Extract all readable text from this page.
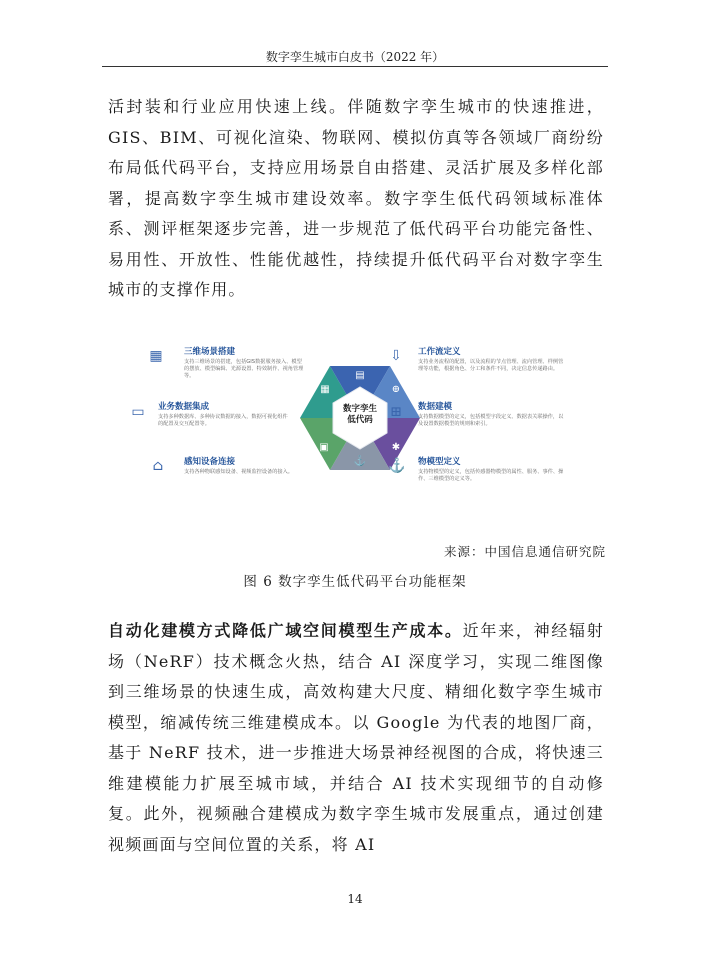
数字孪生城市白皮书（2022 年）
活封装和行业应用快速上线。伴随数字孪生城市的快速推进，GIS、BIM、可视化渲染、物联网、模拟仿真等各领域厂商纷纷布局低代码平台，支持应用场景自由搭建、灵活扩展及多样化部署，提高数字孪生城市建设效率。数字孪生低代码领域标准体系、测评框架逐步完善，进一步规范了低代码平台功能完备性、易用性、开放性、性能优越性，持续提升低代码平台对数字孪生城市的支撑作用。
▦
▤
⊕
✱
⚓
▣
数字孪生低代码
▦	三维场景搭建
支持三维场景的搭建，包括GIS数据服务接入、模型的摆放、模型编辑、光源设置、特效制作、视角管理等。
▭ 业务数据集成
支持多种数据库、多种协议数据的接入，数据可视化组件的配置及交互配置等。
⌂	感知设备连接
支持各种物联感知设备、视频监控设备的接入。
⇩ 工作流定义
支持业务流程的配置，以及流程的节点管理、流向管理、样例管理等功能，根据角色、分工和条件不同，决定信息传递路由。
⊞ 数据建模
支持数据模型的定义，包括模型字段定义、数据表关联操作，以及设置数据模型的规则和索引。
⚓ 物模型定义
支持物模型的定义，包括传感器物模型的属性、服务、事件、操作、三维模型的定义等。
来源：中国信息通信研究院
图 6 数字孪生低代码平台功能框架
自动化建模方式降低广域空间模型生产成本。近年来，神经辐射场（NeRF）技术概念火热，结合 AI 深度学习，实现二维图像到三维场景的快速生成，高效构建大尺度、精细化数字孪生城市模型，缩减传统三维建模成本。以 Google 为代表的地图厂商，基于 NeRF 技术，进一步推进大场景神经视图的合成，将快速三维建模能力扩展至城市域，并结合 AI 技术实现细节的自动修复。此外，视频融合建模成为数字孪生城市发展重点，通过创建视频画面与空间位置的关系，将 AI
14
